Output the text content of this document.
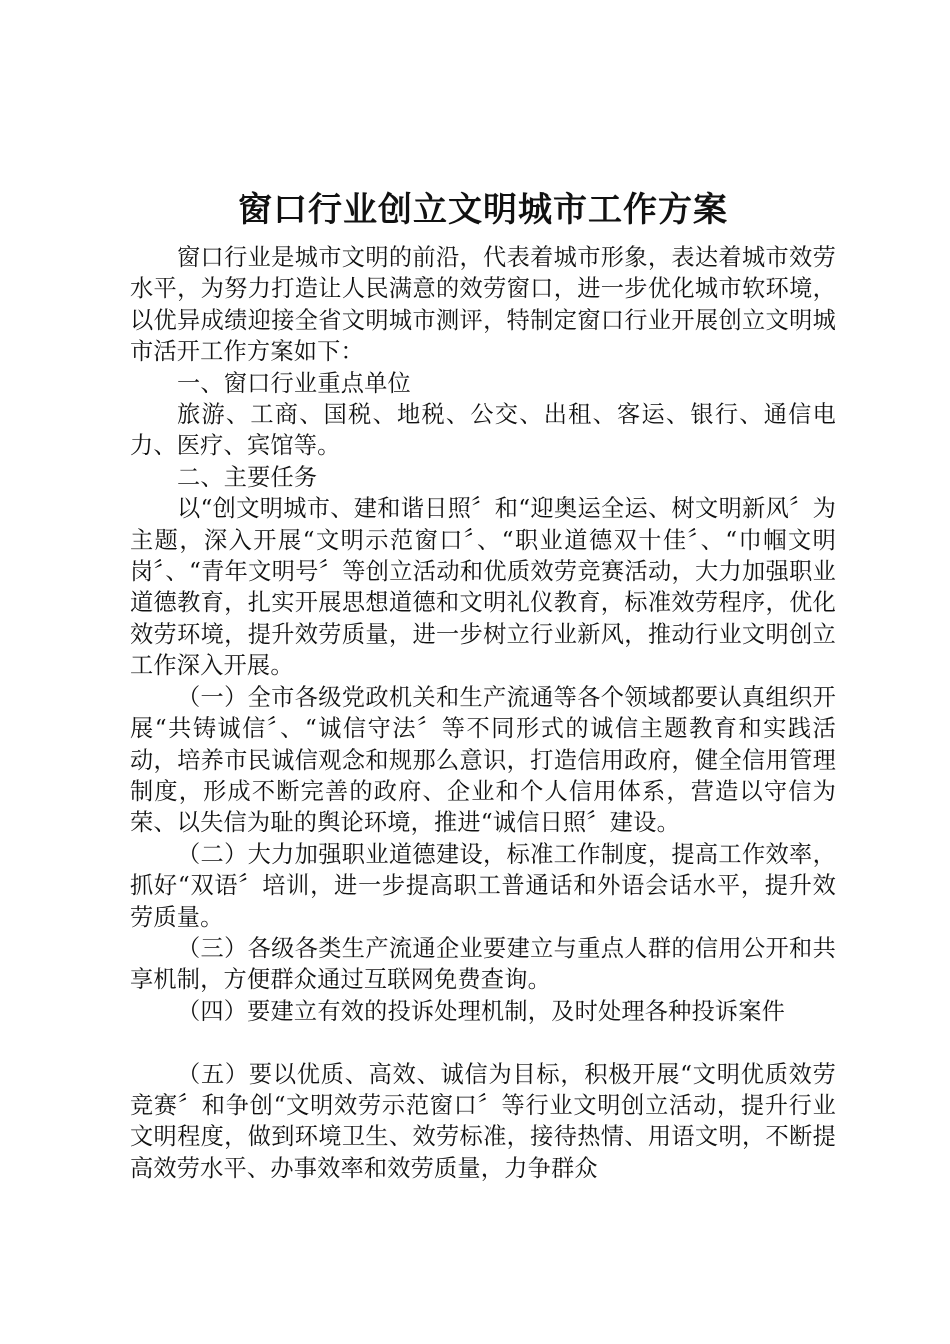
窗口行业创立文明城市工作方案

窗口行业是城市文明的前沿，代表着城市形象，表达着城市效劳水平，为努力打造让人民满意的效劳窗口，进一步优化城市软环境，以优异成绩迎接全省文明城市测评，特制定窗口行业开展创立文明城市活开工作方案如下：

一、窗口行业重点单位

旅游、工商、国税、地税、公交、出租、客运、银行、通信电力、医疗、宾馆等。

二、主要任务

以“创文明城市、建和谐日照〞和“迎奥运全运、树文明新风〞为主题，深入开展“文明示范窗口〞、“职业道德双十佳〞、“巾帼文明岗〞、“青年文明号〞等创立活动和优质效劳竞赛活动，大力加强职业道德教育，扎实开展思想道德和文明礼仪教育，标准效劳程序，优化效劳环境，提升效劳质量，进一步树立行业新风，推动行业文明创立工作深入开展。

（一）全市各级党政机关和生产流通等各个领域都要认真组织开展“共铸诚信〞、“诚信守法〞等不同形式的诚信主题教育和实践活动，培养市民诚信观念和规那么意识，打造信用政府，健全信用管理制度，形成不断完善的政府、企业和个人信用体系，营造以守信为荣、以失信为耻的舆论环境，推进“诚信日照〞建设。

（二）大力加强职业道德建设，标准工作制度，提高工作效率，抓好“双语〞培训，进一步提高职工普通话和外语会话水平，提升效劳质量。

（三）各级各类生产流通企业要建立与重点人群的信用公开和共享机制，方便群众通过互联网免费查询。

（四）要建立有效的投诉处理机制，及时处理各种投诉案件

（五）要以优质、高效、诚信为目标，积极开展“文明优质效劳竞赛〞和争创“文明效劳示范窗口〞等行业文明创立活动，提升行业文明程度，做到环境卫生、效劳标准，接待热情、用语文明，不断提高效劳水平、办事效率和效劳质量，力争群众
